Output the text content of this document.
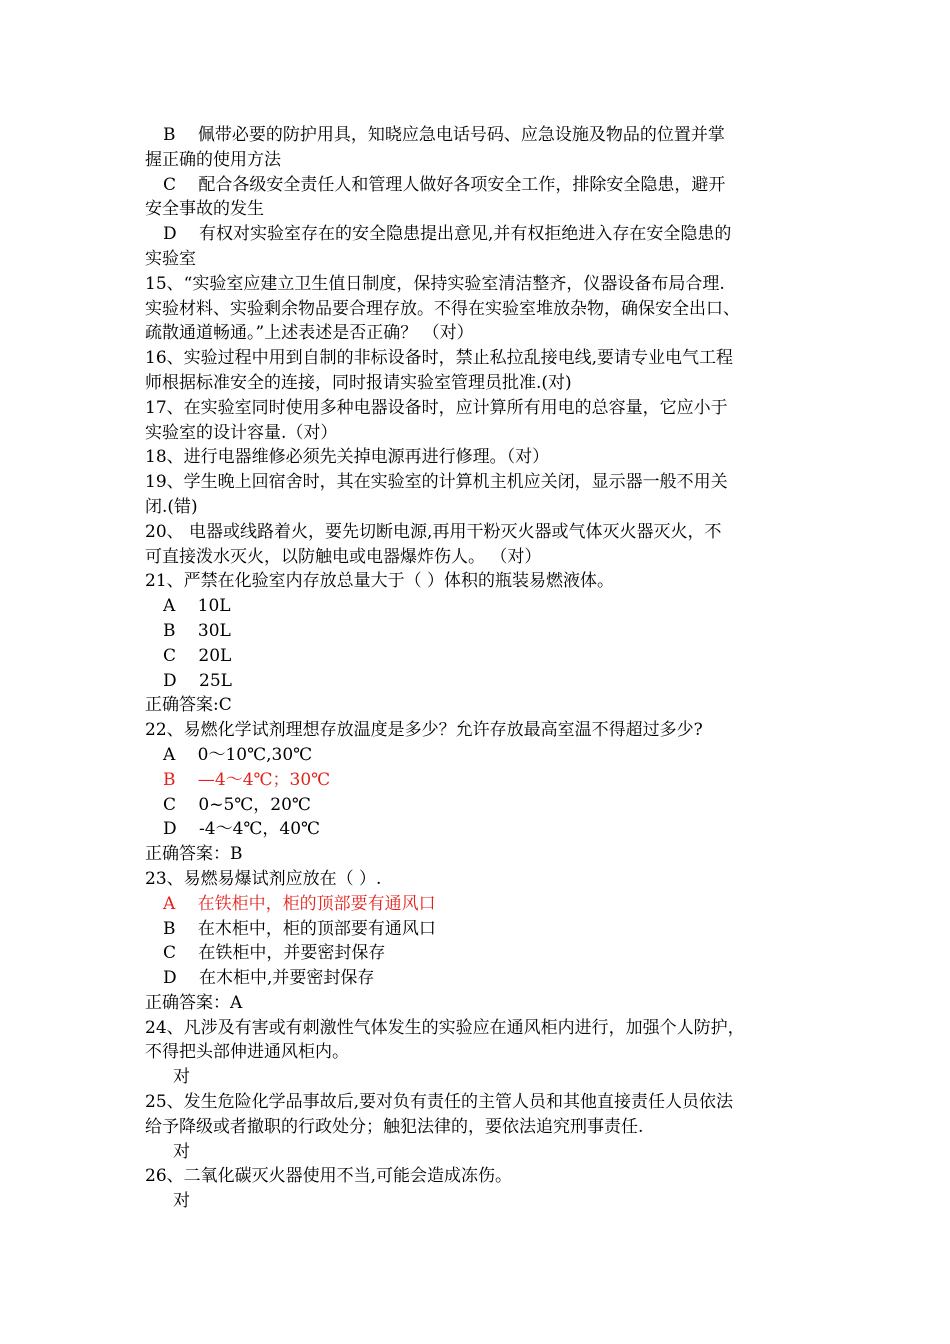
B　 佩带必要的防护用具，知晓应急电话号码、应急设施及物品的位置并掌
握正确的使用方法
C　 配合各级安全责任人和管理人做好各项安全工作，排除安全隐患，避开
安全事故的发生
D　 有权对实验室存在的安全隐患提出意见,并有权拒绝进入存在安全隐患的
实验室
15、“实验室应建立卫生值日制度，保持实验室清洁整齐，仪器设备布局合理.
实验材料、实验剩余物品要合理存放。不得在实验室堆放杂物，确保安全出口、
疏散通道畅通。”上述表述是否正确？ （对）
16、实验过程中用到自制的非标设备时，禁止私拉乱接电线,要请专业电气工程
师根据标准安全的连接，同时报请实验室管理员批准.(对)
17、在实验室同时使用多种电器设备时，应计算所有用电的总容量，它应小于
实验室的设计容量.（对）
18、进行电器维修必须先关掉电源再进行修理。（对）
19、学生晚上回宿舍时，其在实验室的计算机主机应关闭，显示器一般不用关
闭.(错)
20、 电器或线路着火，要先切断电源,再用干粉灭火器或气体灭火器灭火，不
可直接泼水灭火，以防触电或电器爆炸伤人。 （对）
21、严禁在化验室内存放总量大于（ ）体积的瓶装易燃液体。
A　 10L
B　 30L
C　 20L
D　 25L
正确答案:C
22、易燃化学试剂理想存放温度是多少？允许存放最高室温不得超过多少?
A　 0～10℃,30℃
B　 —4～4℃；30℃
C　 0~5℃，20℃
D　 -4～4℃，40℃
正确答案：B
23、易燃易爆试剂应放在（ ）.
A　 在铁柜中，柜的顶部要有通风口
B　 在木柜中，柜的顶部要有通风口
C　 在铁柜中，并要密封保存
D　 在木柜中,并要密封保存
正确答案：A
24、凡涉及有害或有刺激性气体发生的实验应在通风柜内进行，加强个人防护，
不得把头部伸进通风柜内。
对
25、发生危险化学品事故后,要对负有责任的主管人员和其他直接责任人员依法
给予降级或者撤职的行政处分；触犯法律的，要依法追究刑事责任.
对
26、二氧化碳灭火器使用不当,可能会造成冻伤。
对
